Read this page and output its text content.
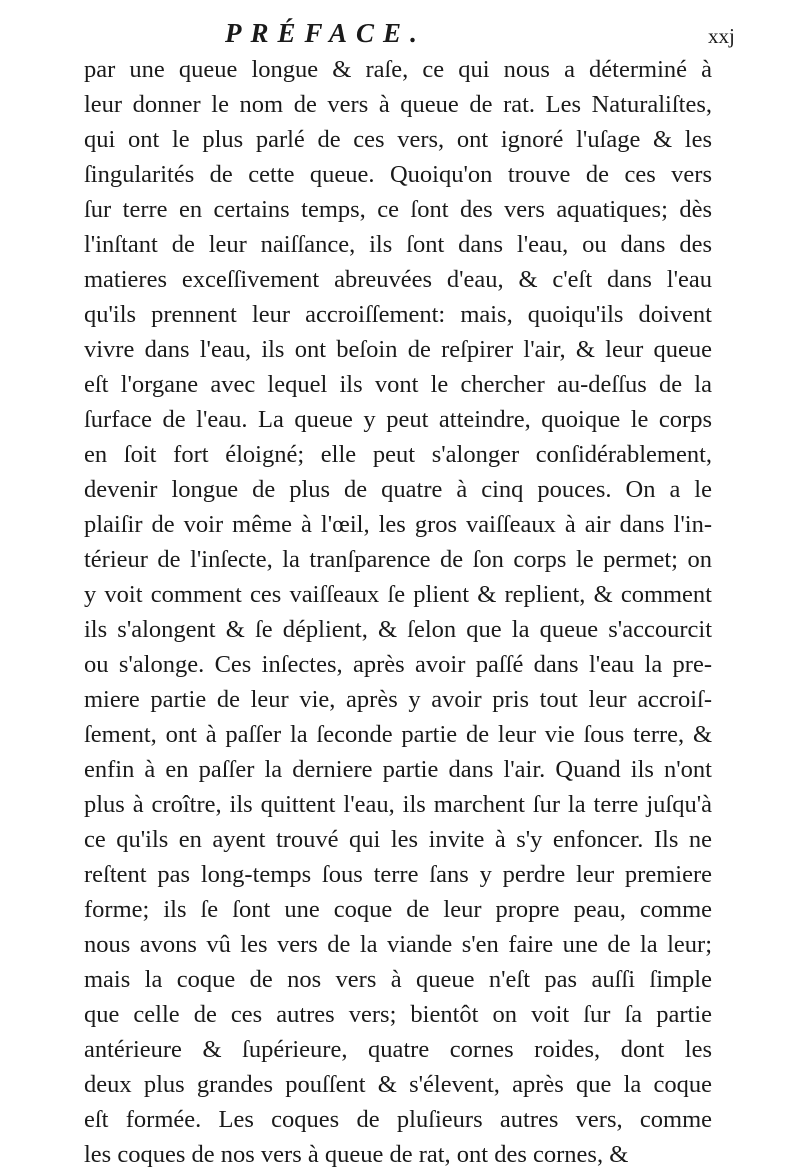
PRÉFACE.	xxj
par une queue longue & raſe, ce qui nous a déterminé à
leur donner le nom de vers à queue de rat. Les Naturaliſtes,
qui ont le plus parlé de ces vers, ont ignoré l'uſage & les
ſingularités de cette queue. Quoiqu'on trouve de ces vers
ſur terre en certains temps, ce ſont des vers aquatiques; dès
l'inſtant de leur naiſſance, ils ſont dans l'eau, ou dans des
matieres exceſſivement abreuvées d'eau, & c'eſt dans l'eau
qu'ils prennent leur accroiſſement: mais, quoiqu'ils doivent
vivre dans l'eau, ils ont beſoin de reſpirer l'air, & leur queue
eſt l'organe avec lequel ils vont le chercher au-deſſus de la
ſurface de l'eau. La queue y peut atteindre, quoique le corps
en ſoit fort éloigné; elle peut s'alonger conſidérablement,
devenir longue de plus de quatre à cinq pouces. On a le
plaiſir de voir même à l'œil, les gros vaiſſeaux à air dans l'in-
térieur de l'inſecte, la tranſparence de ſon corps le permet; on
y voit comment ces vaiſſeaux ſe plient & replient, & comment
ils s'alongent & ſe déplient, & ſelon que la queue s'accourcit
ou s'alonge. Ces inſectes, après avoir paſſé dans l'eau la pre-
miere partie de leur vie, après y avoir pris tout leur accroiſ-
ſement, ont à paſſer la ſeconde partie de leur vie ſous terre, &
enfin à en paſſer la derniere partie dans l'air. Quand ils n'ont
plus à croître, ils quittent l'eau, ils marchent ſur la terre juſqu'à
ce qu'ils en ayent trouvé qui les invite à s'y enfoncer. Ils ne
reſtent pas long-temps ſous terre ſans y perdre leur premiere
forme; ils ſe ſont une coque de leur propre peau, comme
nous avons vû les vers de la viande s'en faire une de la leur;
mais la coque de nos vers à queue n'eſt pas auſſi ſimple
que celle de ces autres vers; bientôt on voit ſur ſa partie
antérieure & ſupérieure, quatre cornes roides, dont les
deux plus grandes pouſſent & s'élevent, après que la coque
eſt formée. Les coques de pluſieurs autres vers, comme
les coques de nos vers à queue de rat, ont des cornes, &
